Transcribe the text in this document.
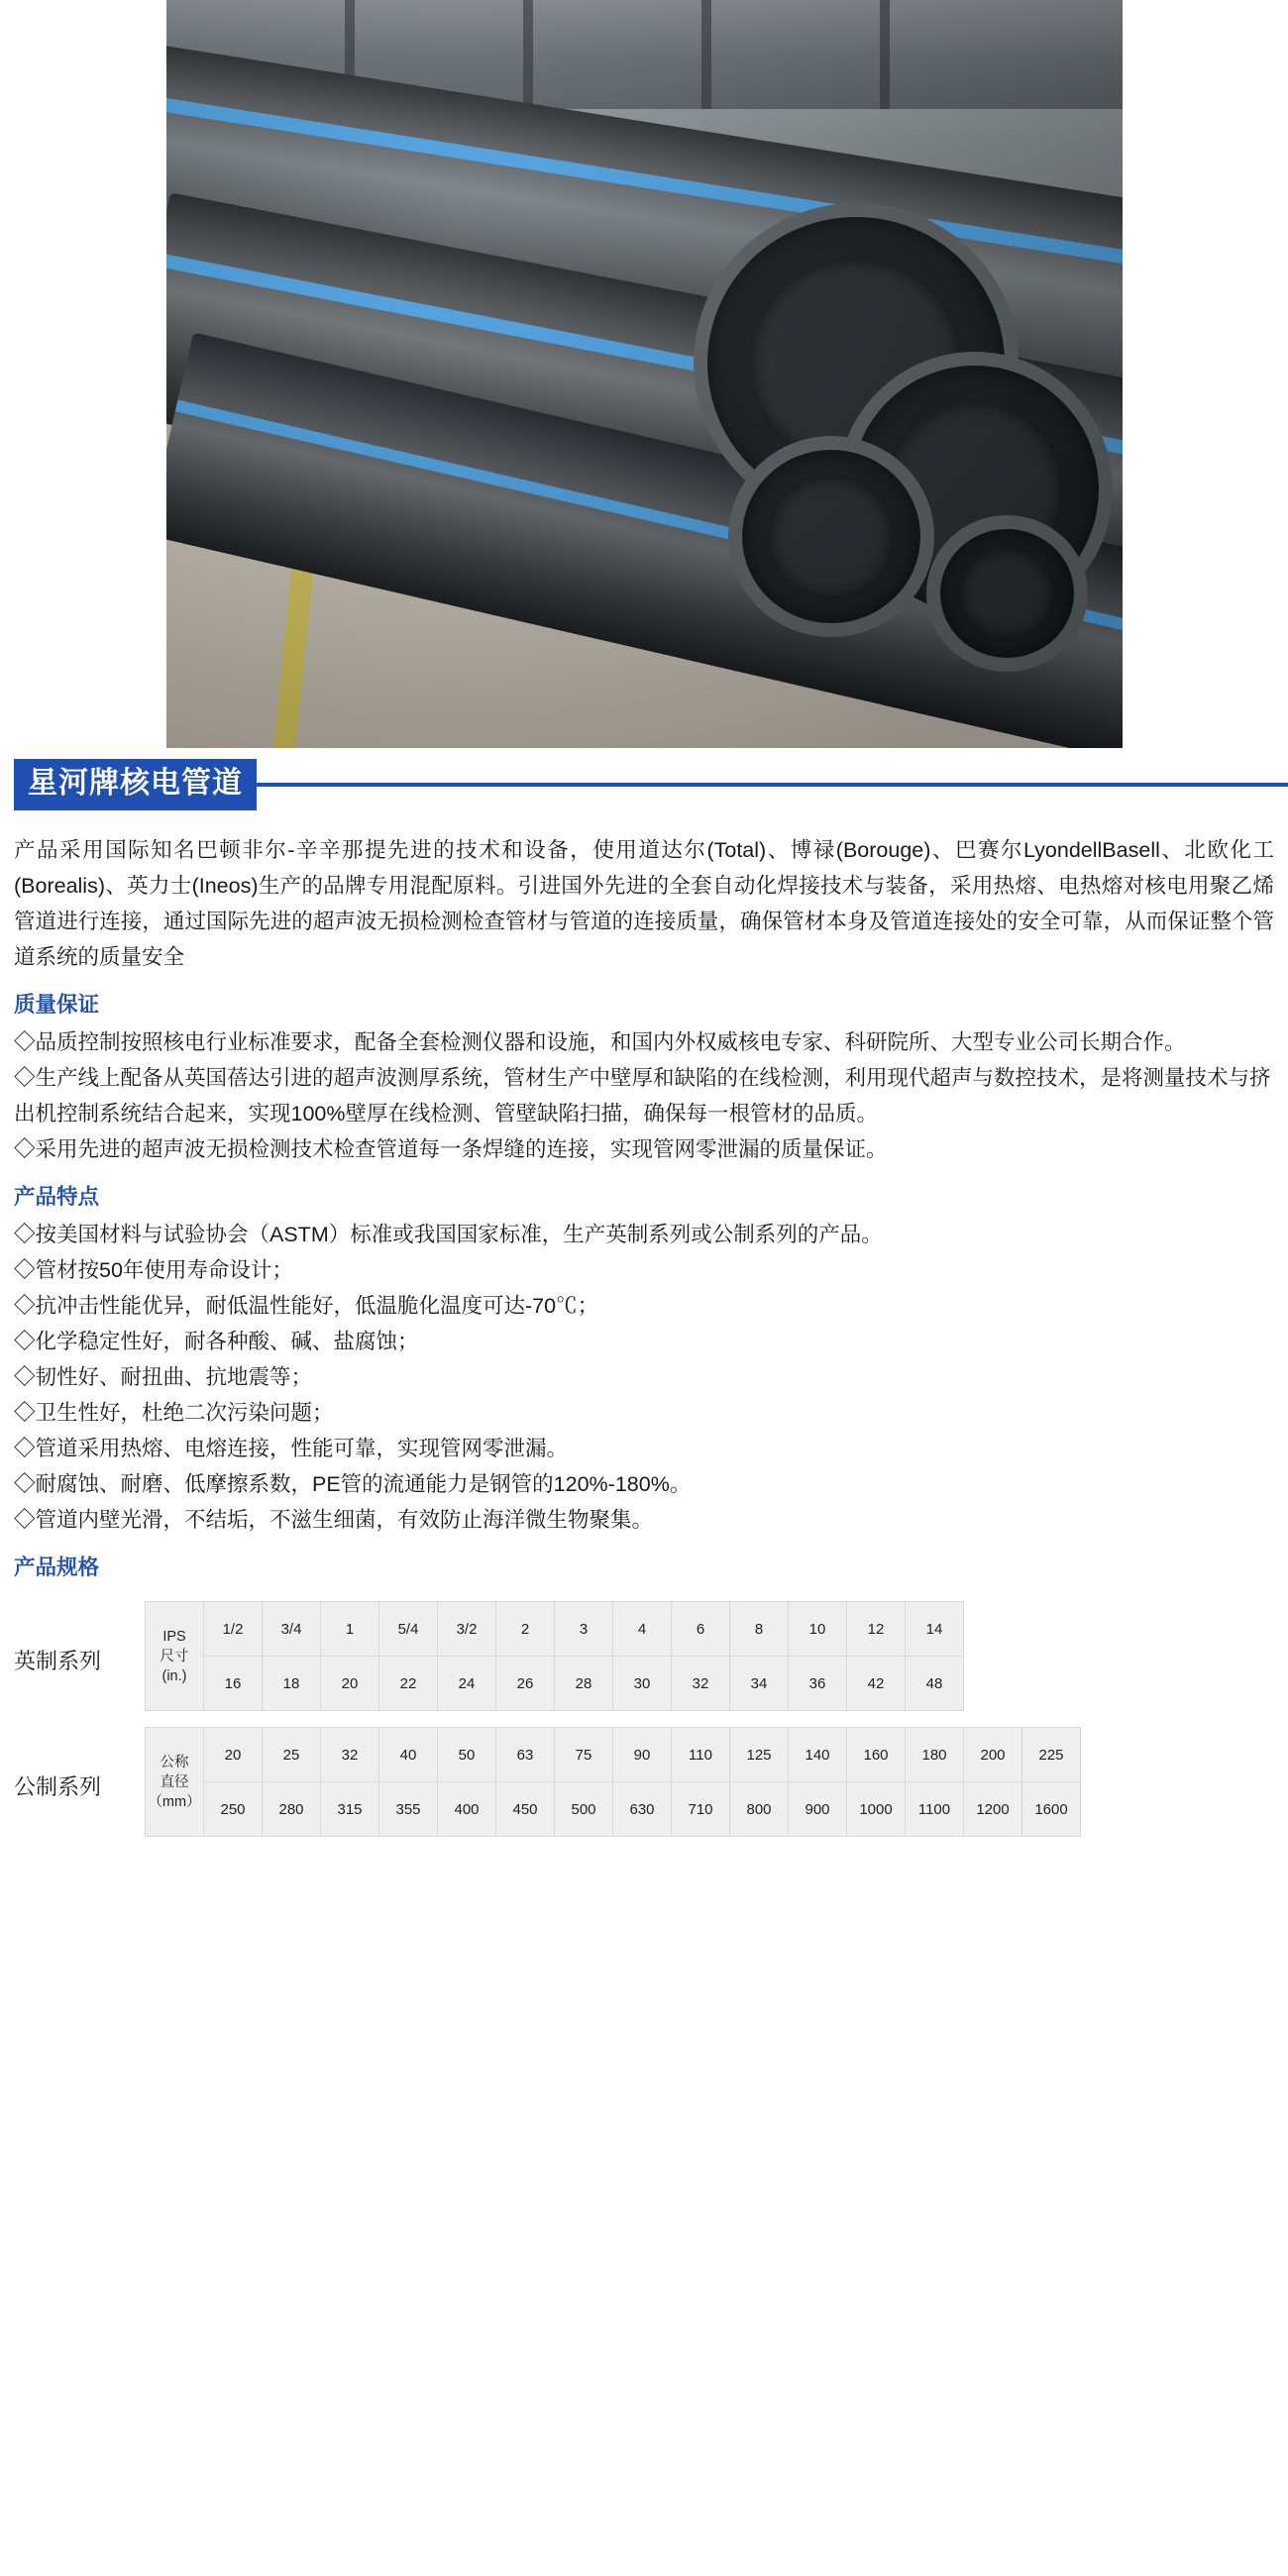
星河牌核电管道
产品采用国际知名巴顿非尔-辛辛那提先进的技术和设备，使用道达尔(Total)、博禄(Borouge)、巴赛尔LyondellBasell、北欧化工(Borealis)、英力士(Ineos)生产的品牌专用混配原料。引进国外先进的全套自动化焊接技术与装备，采用热熔、电热熔对核电用聚乙烯管道进行连接，通过国际先进的超声波无损检测检查管材与管道的连接质量，确保管材本身及管道连接处的安全可靠，从而保证整个管道系统的质量安全
质量保证
◇品质控制按照核电行业标准要求，配备全套检测仪器和设施，和国内外权威核电专家、科研院所、大型专业公司长期合作。
◇生产线上配备从英国蓓达引进的超声波测厚系统，管材生产中壁厚和缺陷的在线检测，利用现代超声与数控技术，是将测量技术与挤出机控制系统结合起来，实现100%壁厚在线检测、管壁缺陷扫描，确保每一根管材的品质。
◇采用先进的超声波无损检测技术检查管道每一条焊缝的连接，实现管网零泄漏的质量保证。
产品特点
◇按美国材料与试验协会（ASTM）标准或我国国家标准，生产英制系列或公制系列的产品。
◇管材按50年使用寿命设计；
◇抗冲击性能优异，耐低温性能好，低温脆化温度可达-70℃；
◇化学稳定性好，耐各种酸、碱、盐腐蚀；
◇韧性好、耐扭曲、抗地震等；
◇卫生性好，杜绝二次污染问题；
◇管道采用热熔、电熔连接，性能可靠，实现管网零泄漏。
◇耐腐蚀、耐磨、低摩擦系数，PE管的流通能力是钢管的120%-180%。
◇管道内壁光滑，不结垢，不滋生细菌，有效防止海洋微生物聚集。
产品规格
英制系列
IPS
尺寸
(in.)	1/2	3/4	1	5/4	3/2	2	3	4	6	8	10	12	14
	16	18	20	22	24	26	28	30	32	34	36	42	48
公制系列
公称
直径
（mm）	20	25	32	40	50	63	75	90	110	125	140	160	180	200	225
	250	280	315	355	400	450	500	630	710	800	900	1000	1100	1200	1600
